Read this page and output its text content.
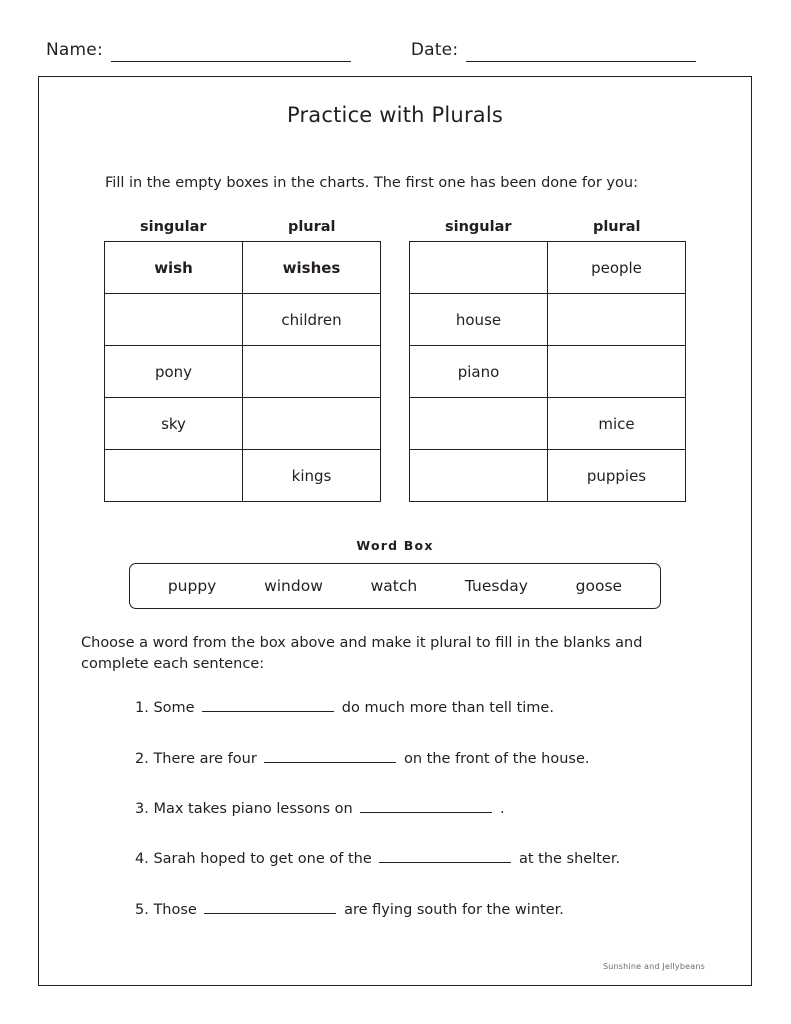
Name:	Date:
Practice with Plurals
Fill in the empty boxes in the charts. The first one has been done for you:
singular	plural
wish	wishes
	children
pony	
sky	
	kings
singular	plural
	people
house	
piano	
	mice
	puppies
Word Box
puppy	window	watch	Tuesday	goose
Choose a word from the box above and make it plural to fill in the blanks and complete each sentence:
1. Some	do much more than tell time.
2. There are four	on the front of the house.
3. Max takes piano lessons on	.
4. Sarah hoped to get one of the	at the shelter.
5. Those	are flying south for the winter.
Sunshine and Jellybeans
